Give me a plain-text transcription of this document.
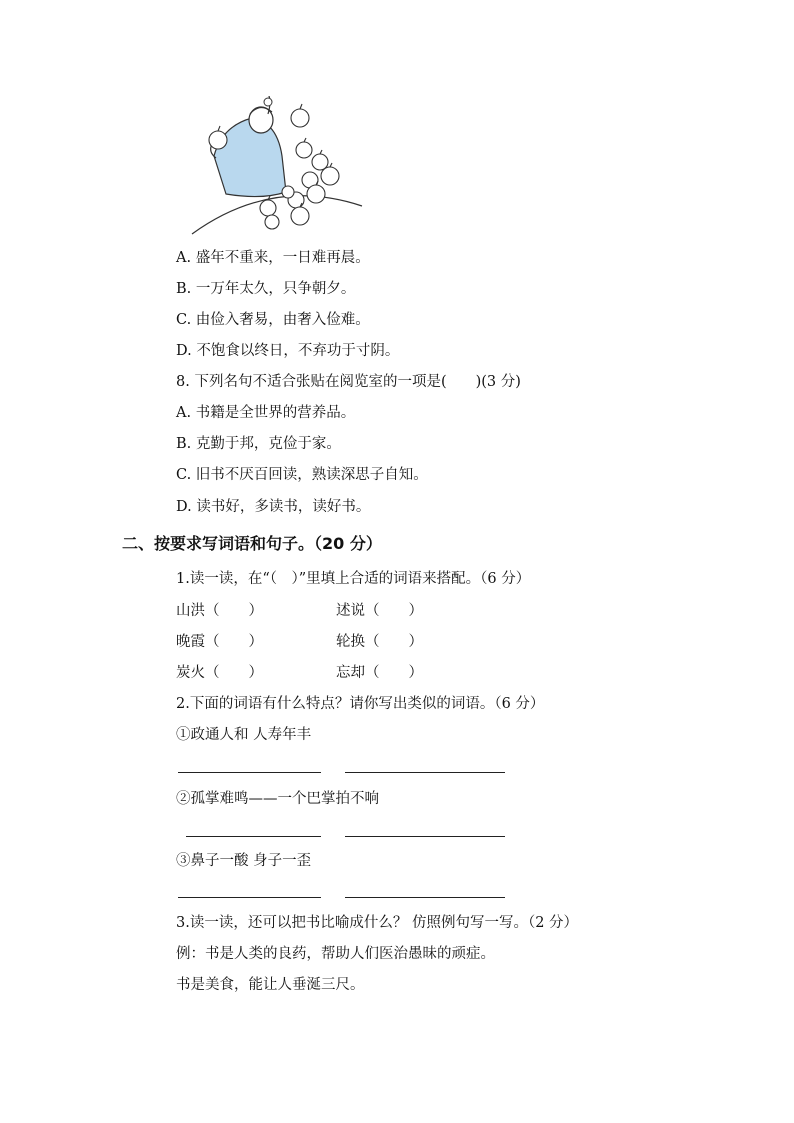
A. 盛年不重来，一日难再晨。
B. 一万年太久，只争朝夕。
C. 由俭入奢易，由奢入俭难。
D. 不饱食以终日，不弃功于寸阴。
8. 下列名句不适合张贴在阅览室的一项是(　　)(3 分)
A. 书籍是全世界的营养品。
B. 克勤于邦，克俭于家。
C. 旧书不厌百回读，熟读深思子自知。
D. 读书好，多读书，读好书。
二、按要求写词语和句子。（20 分）
1.读一读，在“（　）”里填上合适的词语来搭配。（6 分）
山洪（　　）	述说（　　）
晚霞（　　）	轮换（　　）
炭火（　　）	忘却（　　）
2.下面的词语有什么特点？请你写出类似的词语。（6 分）
①政通人和 人寿年丰
②孤掌难鸣——一个巴掌拍不响
③鼻子一酸 身子一歪
3.读一读，还可以把书比喻成什么？ 仿照例句写一写。（2 分）
例：书是人类的良药，帮助人们医治愚昧的顽症。
书是美食，能让人垂涎三尺。
